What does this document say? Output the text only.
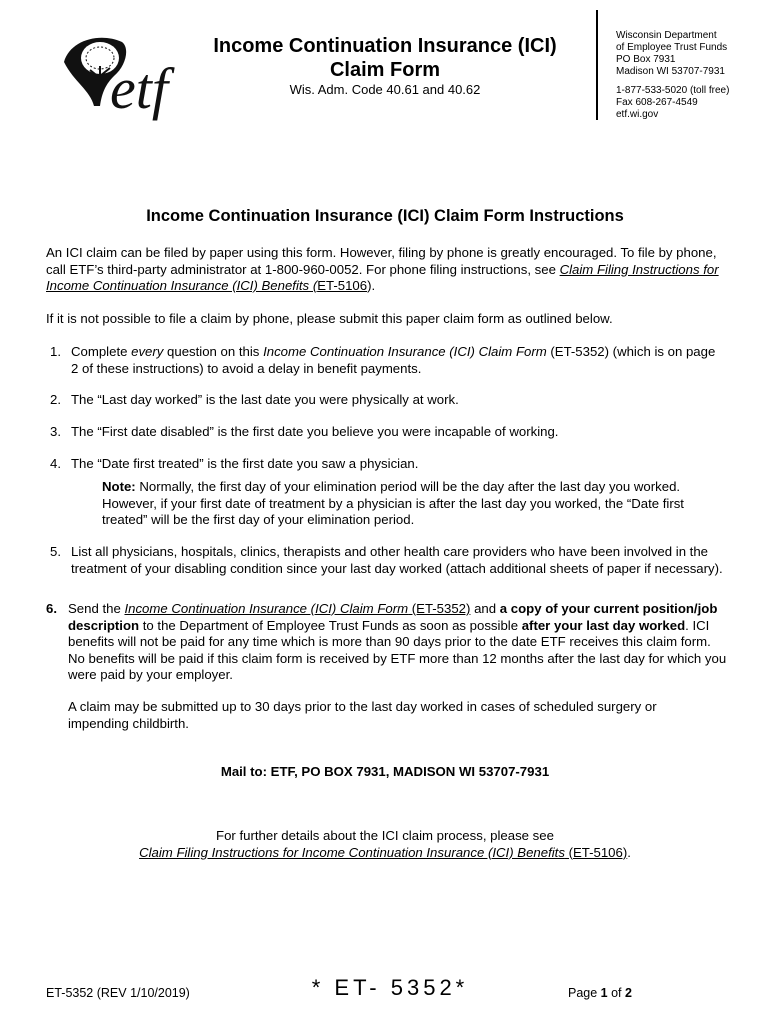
etf
Income Continuation Insurance (ICI)
Claim Form
Wis. Adm. Code 40.61 and 40.62
Wisconsin Department
of Employee Trust Funds
PO Box 7931
Madison WI 53707-7931
1-877-533-5020 (toll free)
Fax 608-267-4549
etf.wi.gov
Income Continuation Insurance (ICI) Claim Form Instructions
An ICI claim can be filed by paper using this form. However, filing by phone is greatly encouraged. To file by phone, call ETF’s third-party administrator at 1-800-960-0052. For phone filing instructions, see Claim Filing Instructions for Income Continuation Insurance (ICI) Benefits (ET-5106).
If it is not possible to file a claim by phone, please submit this paper claim form as outlined below.
1. Complete every question on this Income Continuation Insurance (ICI) Claim Form (ET-5352) (which is on page 2 of these instructions) to avoid a delay in benefit payments.
2. The “Last day worked” is the last date you were physically at work.
3. The “First date disabled” is the first date you believe you were incapable of working.
4. The “Date first treated” is the first date you saw a physician.
Note: Normally, the first day of your elimination period will be the day after the last day you worked. However, if your first date of treatment by a physician is after the last day you worked, the “Date first treated” will be the first day of your elimination period.
5. List all physicians, hospitals, clinics, therapists and other health care providers who have been involved in the treatment of your disabling condition since your last day worked (attach additional sheets of paper if necessary).
6. Send the Income Continuation Insurance (ICI) Claim Form (ET-5352) and a copy of your current position/job description to the Department of Employee Trust Funds as soon as possible after your last day worked. ICI benefits will not be paid for any time which is more than 90 days prior to the date ETF receives this claim form. No benefits will be paid if this claim form is received by ETF more than 12 months after the last day for which you were paid by your employer.
A claim may be submitted up to 30 days prior to the last day worked in cases of scheduled surgery or impending childbirth.
Mail to: ETF, PO BOX 7931, MADISON WI 53707-7931
For further details about the ICI claim process, please see
Claim Filing Instructions for Income Continuation Insurance (ICI) Benefits (ET-5106).
ET-5352 (REV 1/10/2019)	* ET- 5352*	Page 1 of 2
